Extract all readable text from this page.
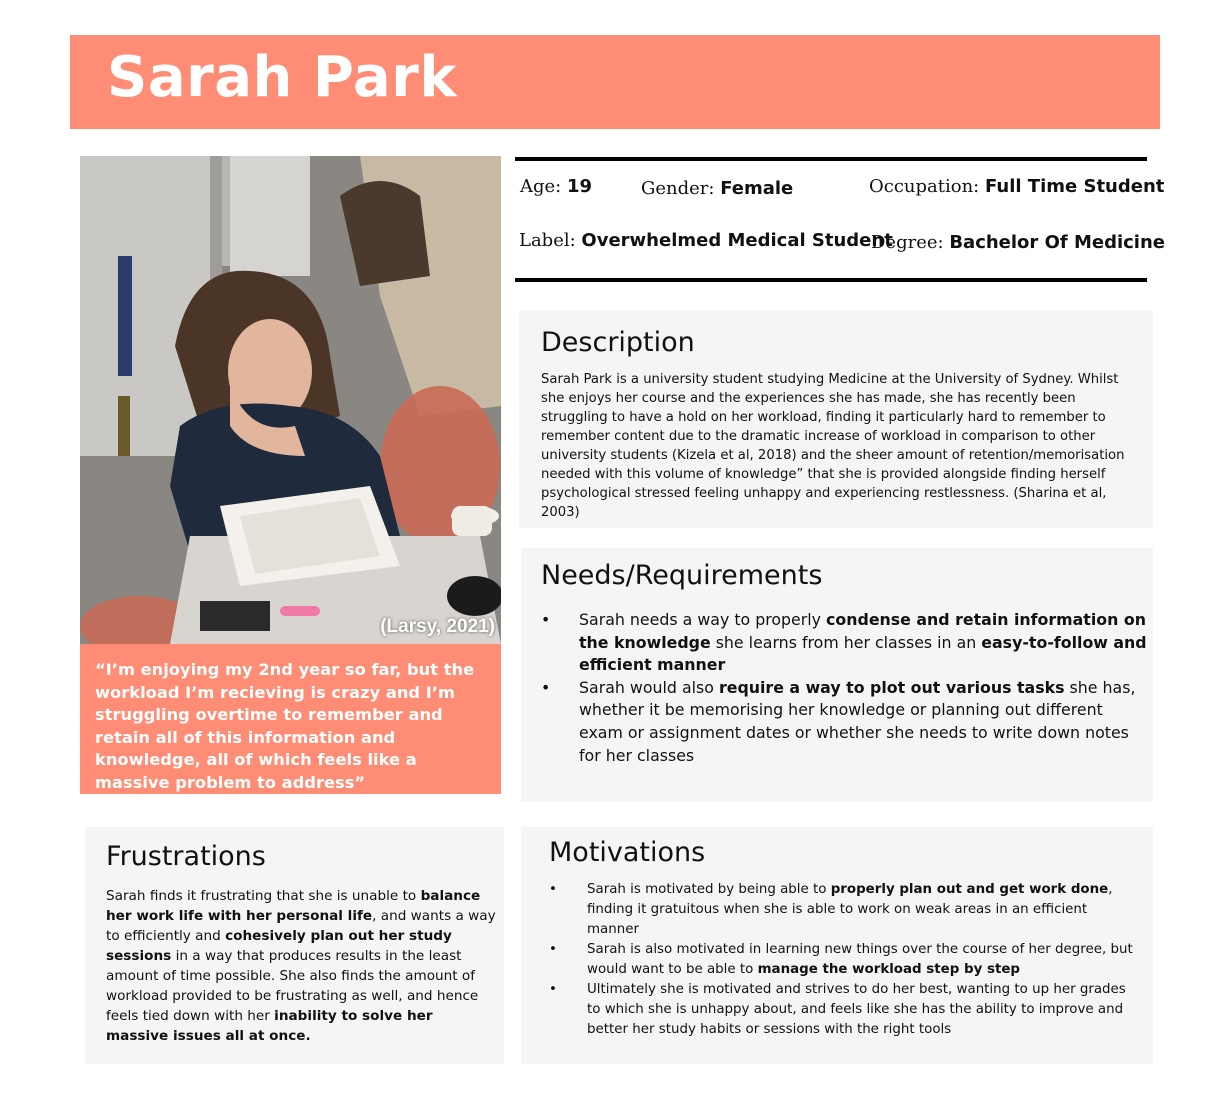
Sarah Park
(Larsy, 2021)
“I’m enjoying my 2nd year so far, but the workload I’m recieving is crazy and I’m struggling overtime to remember and retain all of this information and knowledge, all of which feels like a massive problem to address”
Age: 19	Gender: Female	Occupation: Full Time Student
Label: Overwhelmed Medical Student
Degree: Bachelor Of Medicine
Description
Sarah Park is a university student studying Medicine at the University of Sydney. Whilst she enjoys her course and the experiences she has made, she has recently been struggling to have a hold on her workload, finding it particularly hard to remember to remember content due to the dramatic increase of workload in comparison to other university students (Kizela et al, 2018) and the sheer amount of retention/memorisation needed with this volume of knowledge” that she is provided alongside finding herself psychological stressed feeling unhappy and experiencing restlessness. (Sharina et al, 2003)
Needs/Requirements
• Sarah needs a way to properly condense and retain information on the knowledge she learns from her classes in an easy-to-follow and efficient manner
• Sarah would also require a way to plot out various tasks she has, whether it be memorising her knowledge or planning out different exam or assignment dates or whether she needs to write down notes for her classes
Frustrations
Sarah finds it frustrating that she is unable to balance her work life with her personal life, and wants a way to efficiently and cohesively plan out her study sessions in a way that produces results in the least amount of time possible. She also finds the amount of workload provided to be frustrating as well, and hence feels tied down with her inability to solve her massive issues all at once.
Motivations
• Sarah is motivated by being able to properly plan out and get work done, finding it gratuitous when she is able to work on weak areas in an efficient manner
• Sarah is also motivated in learning new things over the course of her degree, but would want to be able to manage the workload step by step
• Ultimately she is motivated and strives to do her best, wanting to up her grades to which she is unhappy about, and feels like she has the ability to improve and better her study habits or sessions with the right tools
